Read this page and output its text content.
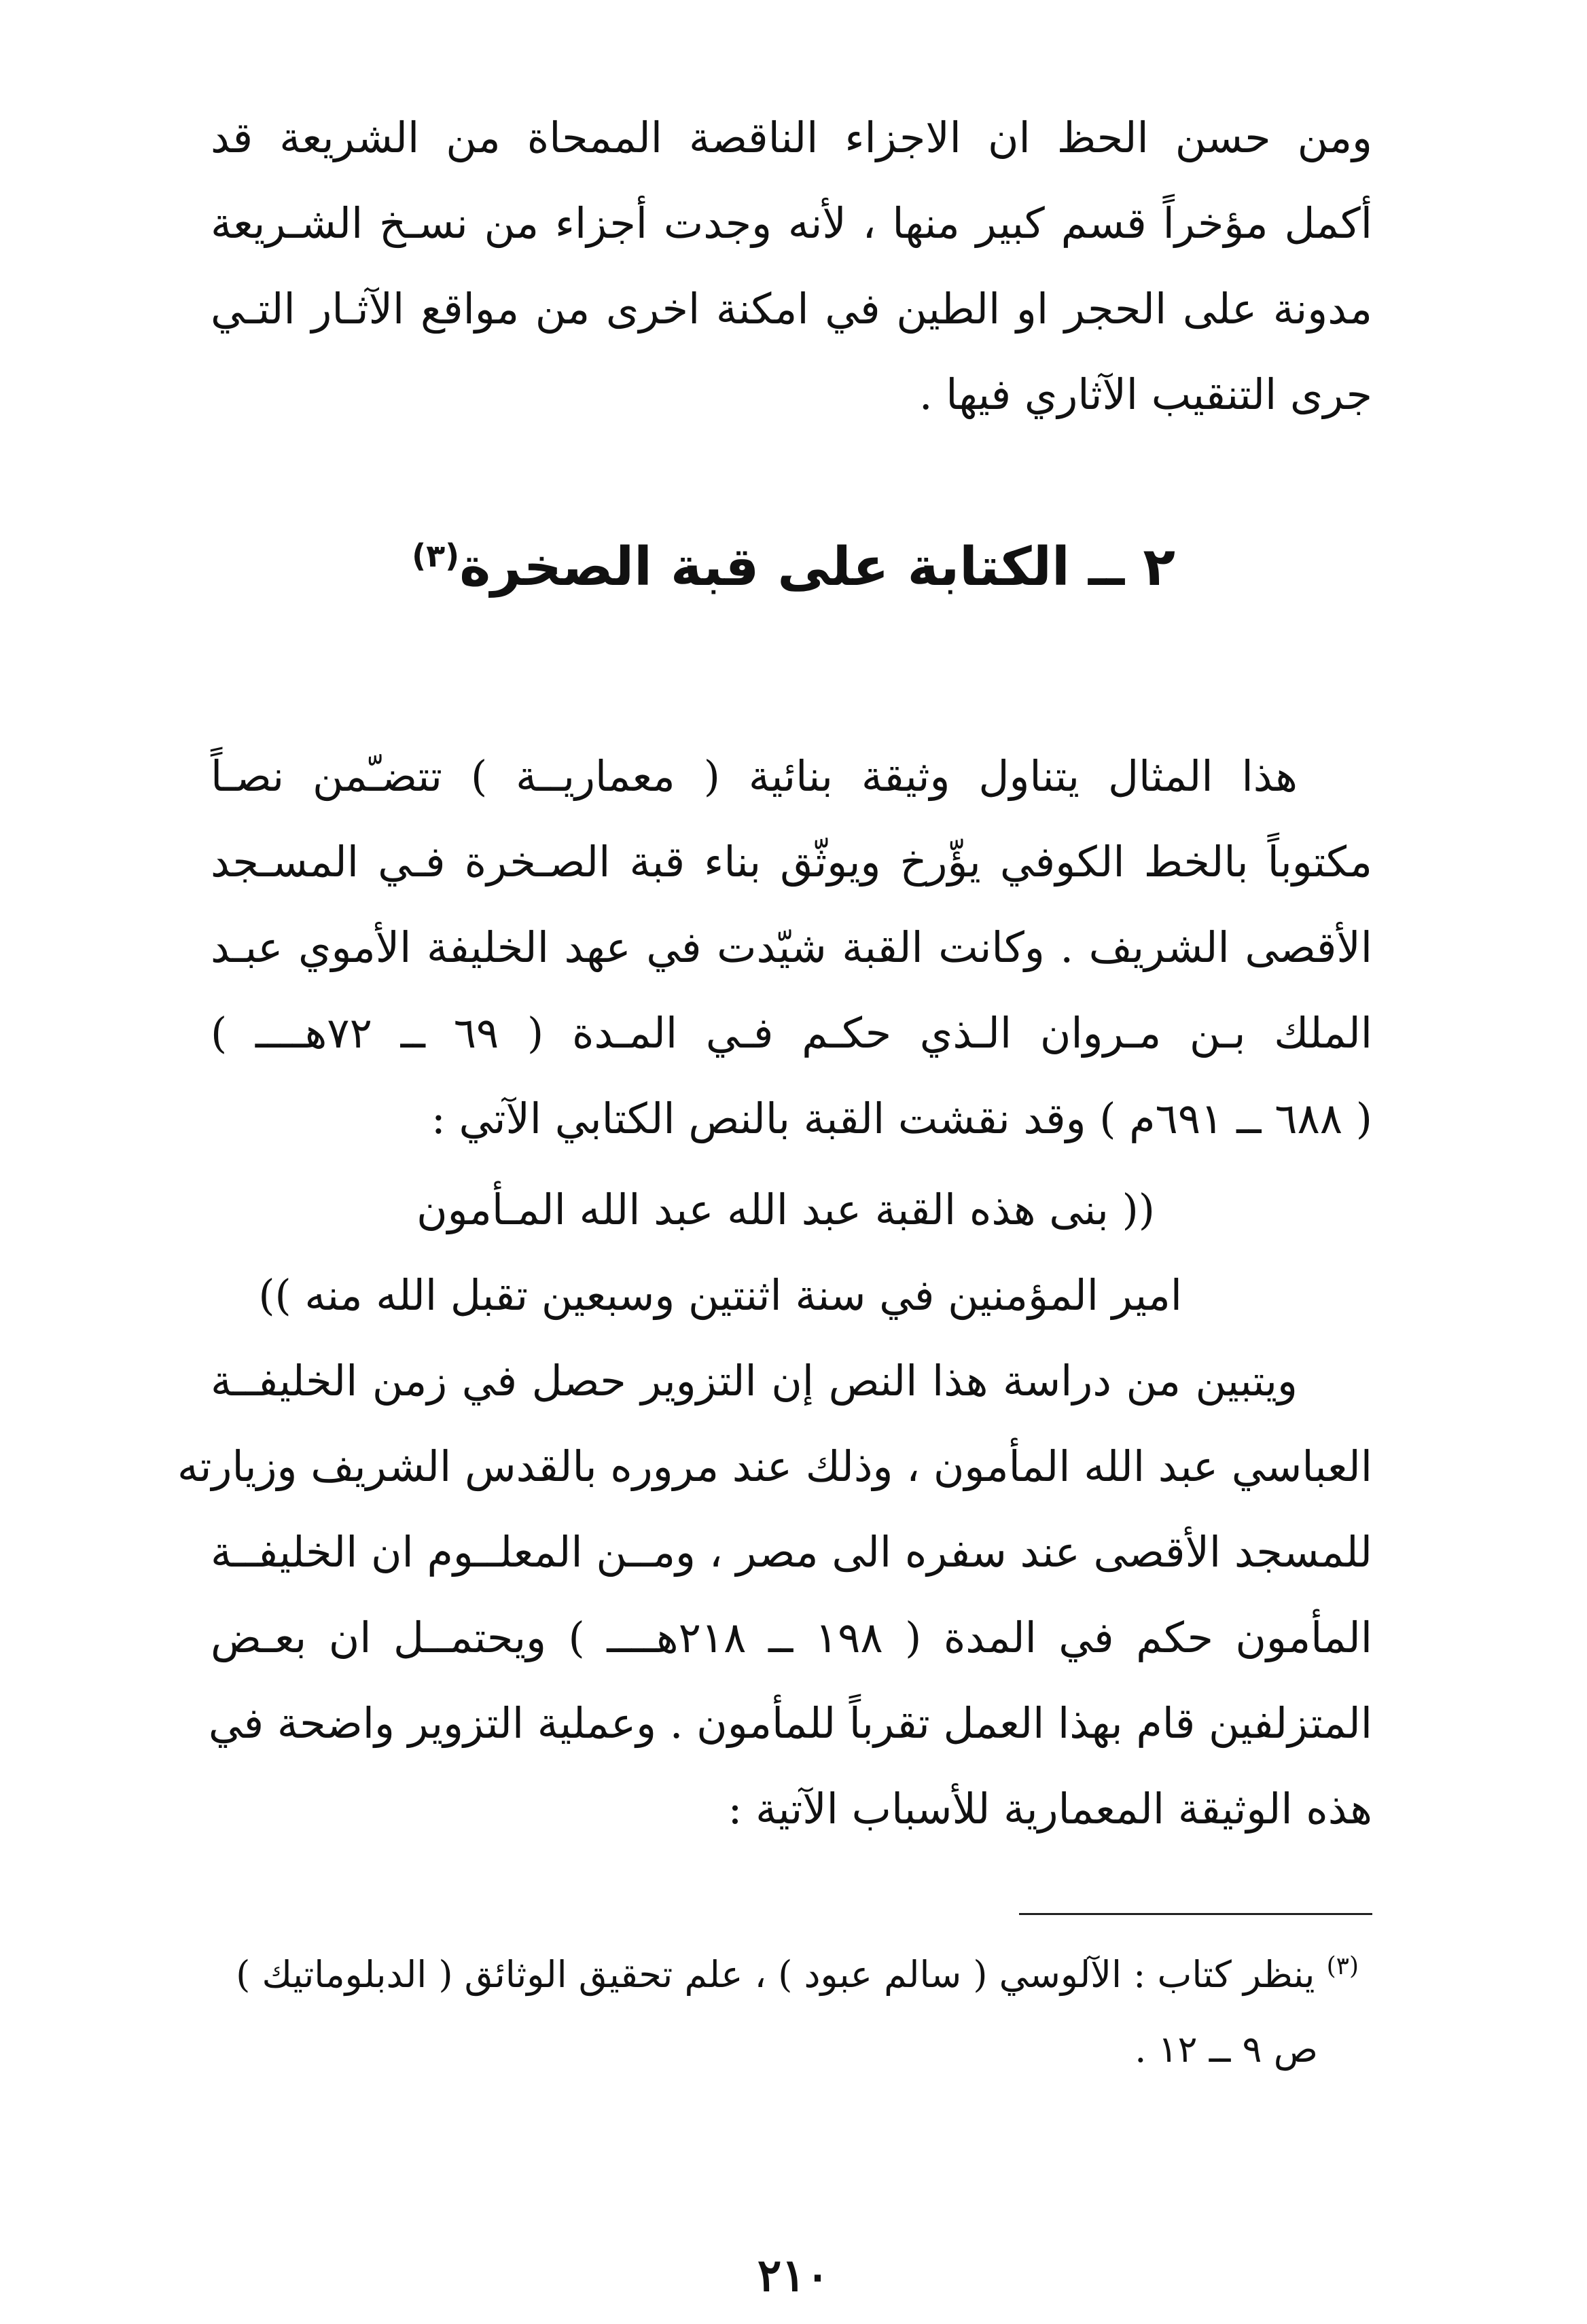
ومن حسن الحظ ان الاجزاء الناقصة الممحاة من الشريعة قد
أكمل مؤخراً قسم كبير منها ، لأنه وجدت أجزاء من نسـخ الشـريعة
مدونة على الحجر او الطين في امكنة اخرى من مواقع الآثـار التـي
جرى التنقيب الآثاري فيها .
٢ ــ الكتابة على قبة الصخرة$^{(٣)}$
هذا المثال يتناول وثيقة بنائية ( معماريــة ) تتضـّمن نصـاً
مكتوباً بالخط الكوفي يؤّرخ ويوثّق بناء قبة الصـخرة فـي المسـجد
الأقصى الشريف . وكانت القبة شيّدت في عهد الخليفة الأموي عبـد
الملك بـن مـروان الـذي حكـم فـي المـدة ( ٦٩ ــ ٧٢هــــ )
( ٦٨٨ ــ ٦٩١م ) وقد نقشت القبة بالنص الكتابي الآتي :
(( بنى هذه القبة عبد الله عبد الله المـأمون
امير المؤمنين في سنة اثنتين وسبعين تقبل الله منه ))
ويتبين من دراسة هذا النص إن التزوير حصل في زمن الخليفــة
العباسي عبد الله المأمون ، وذلك عند مروره بالقدس الشريف وزيارته
للمسجد الأقصى عند سفره الى مصر ، ومــن المعلــوم ان الخليفــة
المأمون حكم في المدة ( ١٩٨ ــ ٢١٨هــــ ) ويحتمــل ان بعـض
المتزلفين قام بهذا العمل تقرباً للمأمون . وعملية التزوير واضحة في
هذه الوثيقة المعمارية للأسباب الآتية :
$^{(٣)}$ ينظر كتاب : الآلوسي ( سالم عبود ) ، علم تحقيق الوثائق ( الدبلوماتيك )
ص ٩ ــ ١٢ .
٢١٠
